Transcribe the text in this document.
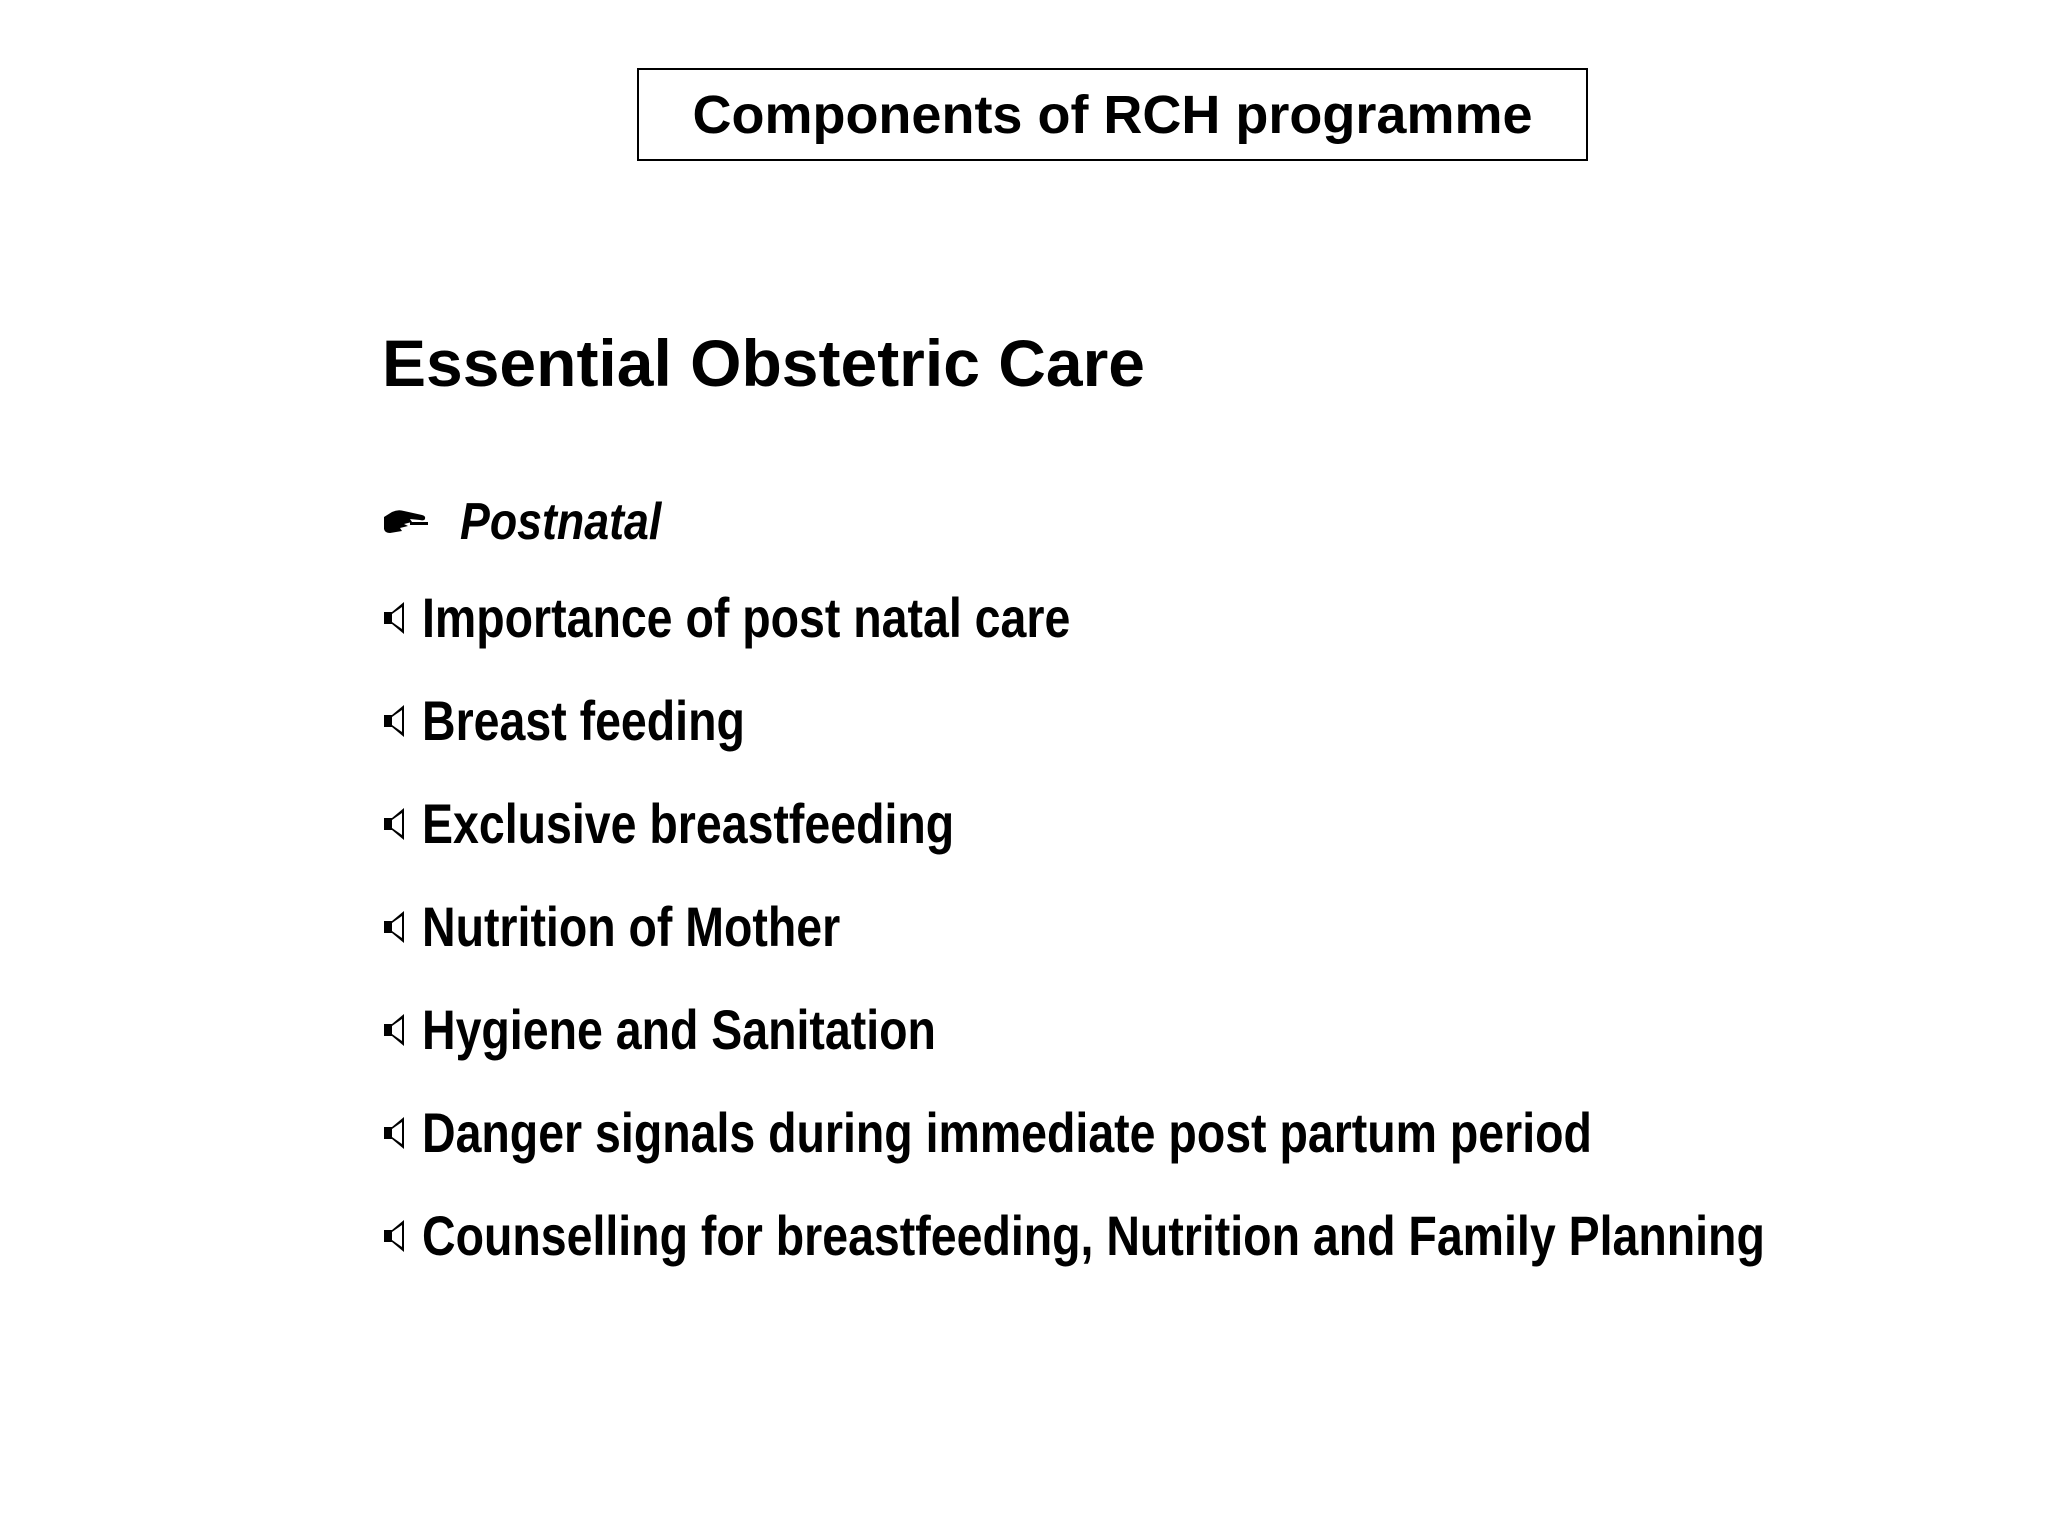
Components of RCH programme
Essential Obstetric Care
Postnatal
Importance of post natal care
Breast feeding
Exclusive breastfeeding
Nutrition of Mother
Hygiene and Sanitation
Danger signals during immediate post partum period
Counselling for breastfeeding, Nutrition and Family Planning
